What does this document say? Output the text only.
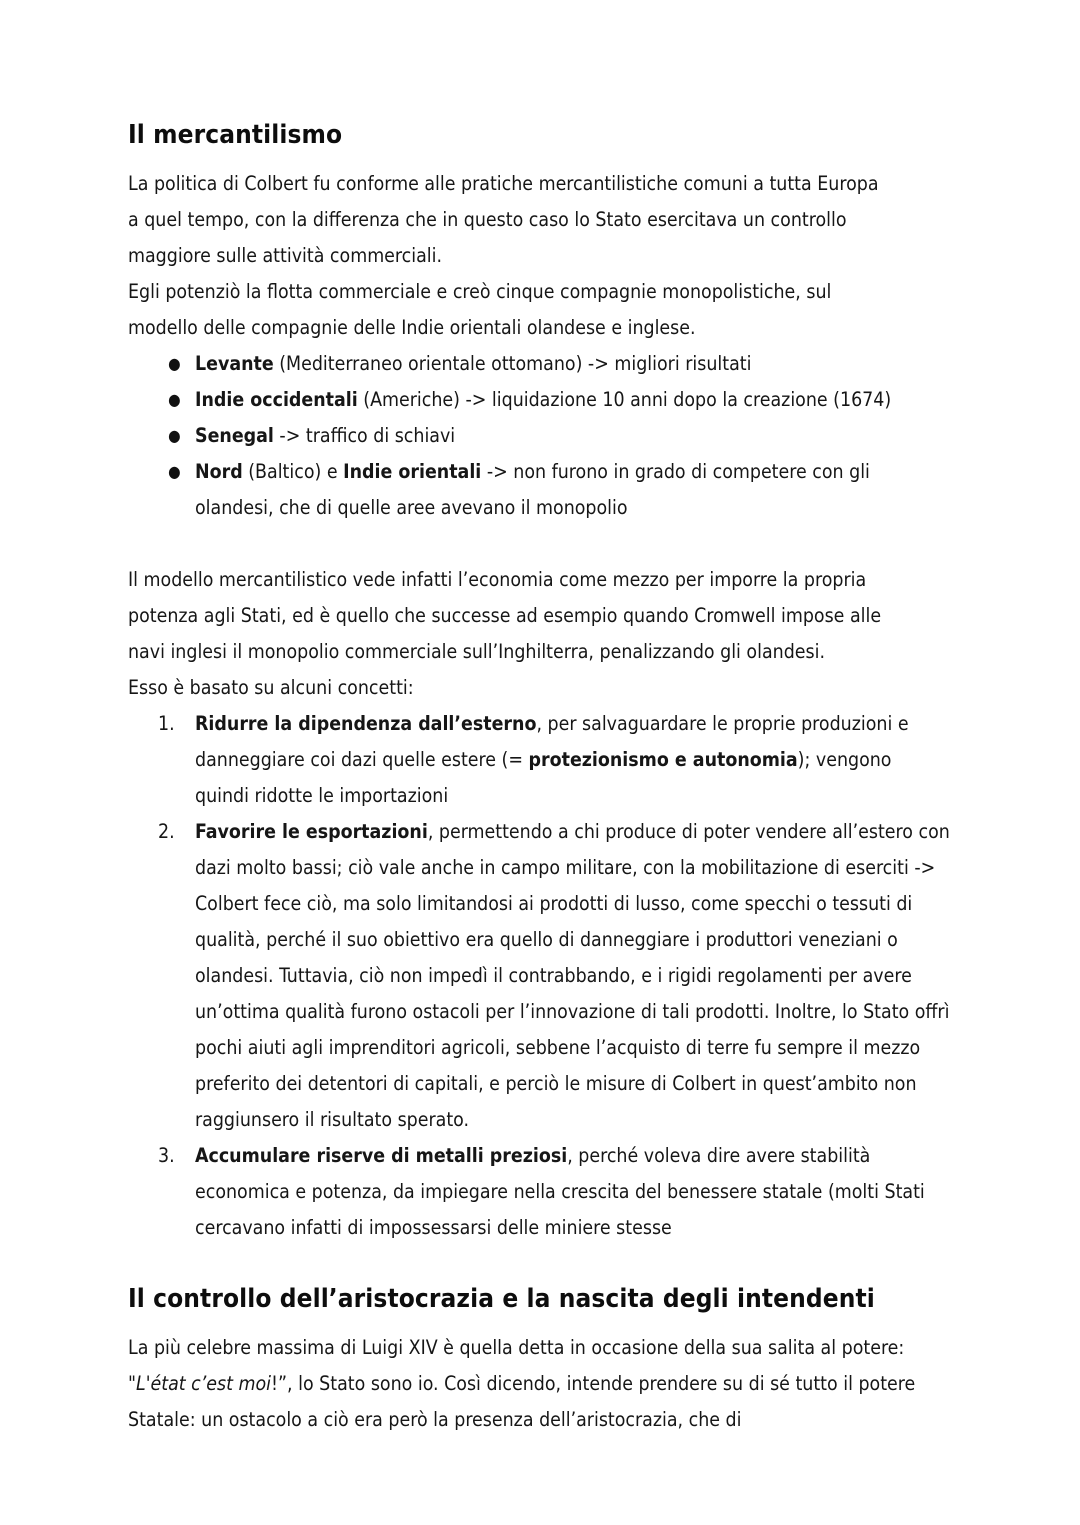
Il mercantilismo

La politica di Colbert fu conforme alle pratiche mercantilistiche comuni a tutta Europa
a quel tempo, con la differenza che in questo caso lo Stato esercitava un controllo
maggiore sulle attività commerciali.
Egli potenziò la flotta commerciale e creò cinque compagnie monopolistiche, sul
modello delle compagnie delle Indie orientali olandese e inglese.

● Levante (Mediterraneo orientale ottomano) -> migliori risultati
● Indie occidentali (Americhe) -> liquidazione 10 anni dopo la creazione (1674)
● Senegal -> traffico di schiavi
● Nord (Baltico) e Indie orientali -> non furono in grado di competere con gli olandesi, che di quelle aree avevano il monopolio

Il modello mercantilistico vede infatti l’economia come mezzo per imporre la propria
potenza agli Stati, ed è quello che successe ad esempio quando Cromwell impose alle
navi inglesi il monopolio commerciale sull’Inghilterra, penalizzando gli olandesi.
Esso è basato su alcuni concetti:

1.	Ridurre la dipendenza dall’esterno, per salvaguardare le proprie produzioni e danneggiare coi dazi quelle estere (= protezionismo e autonomia); vengono quindi ridotte le importazioni
2.	Favorire le esportazioni, permettendo a chi produce di poter vendere all’estero con dazi molto bassi; ciò vale anche in campo militare, con la mobilitazione di eserciti -> Colbert fece ciò, ma solo limitandosi ai prodotti di lusso, come specchi o tessuti di qualità, perché il suo obiettivo era quello di danneggiare i produttori veneziani o olandesi. Tuttavia, ciò non impedì il contrabbando, e i rigidi regolamenti per avere un’ottima qualità furono ostacoli per l’innovazione di tali prodotti. Inoltre, lo Stato offrì pochi aiuti agli imprenditori agricoli, sebbene l’acquisto di terre fu sempre il mezzo preferito dei detentori di capitali, e perciò le misure di Colbert in quest’ambito non raggiunsero il risultato sperato.
3.	Accumulare riserve di metalli preziosi, perché voleva dire avere stabilità economica e potenza, da impiegare nella crescita del benessere statale (molti Stati cercavano infatti di impossessarsi delle miniere stesse
Il controllo dell’aristocrazia e la nascita degli intendenti

La più celebre massima di Luigi XIV è quella detta in occasione della sua salita al potere: "L'état c’est moi!”, lo Stato sono io. Così dicendo, intende prendere su di sé tutto il potere Statale: un ostacolo a ciò era però la presenza dell’aristocrazia, che di
